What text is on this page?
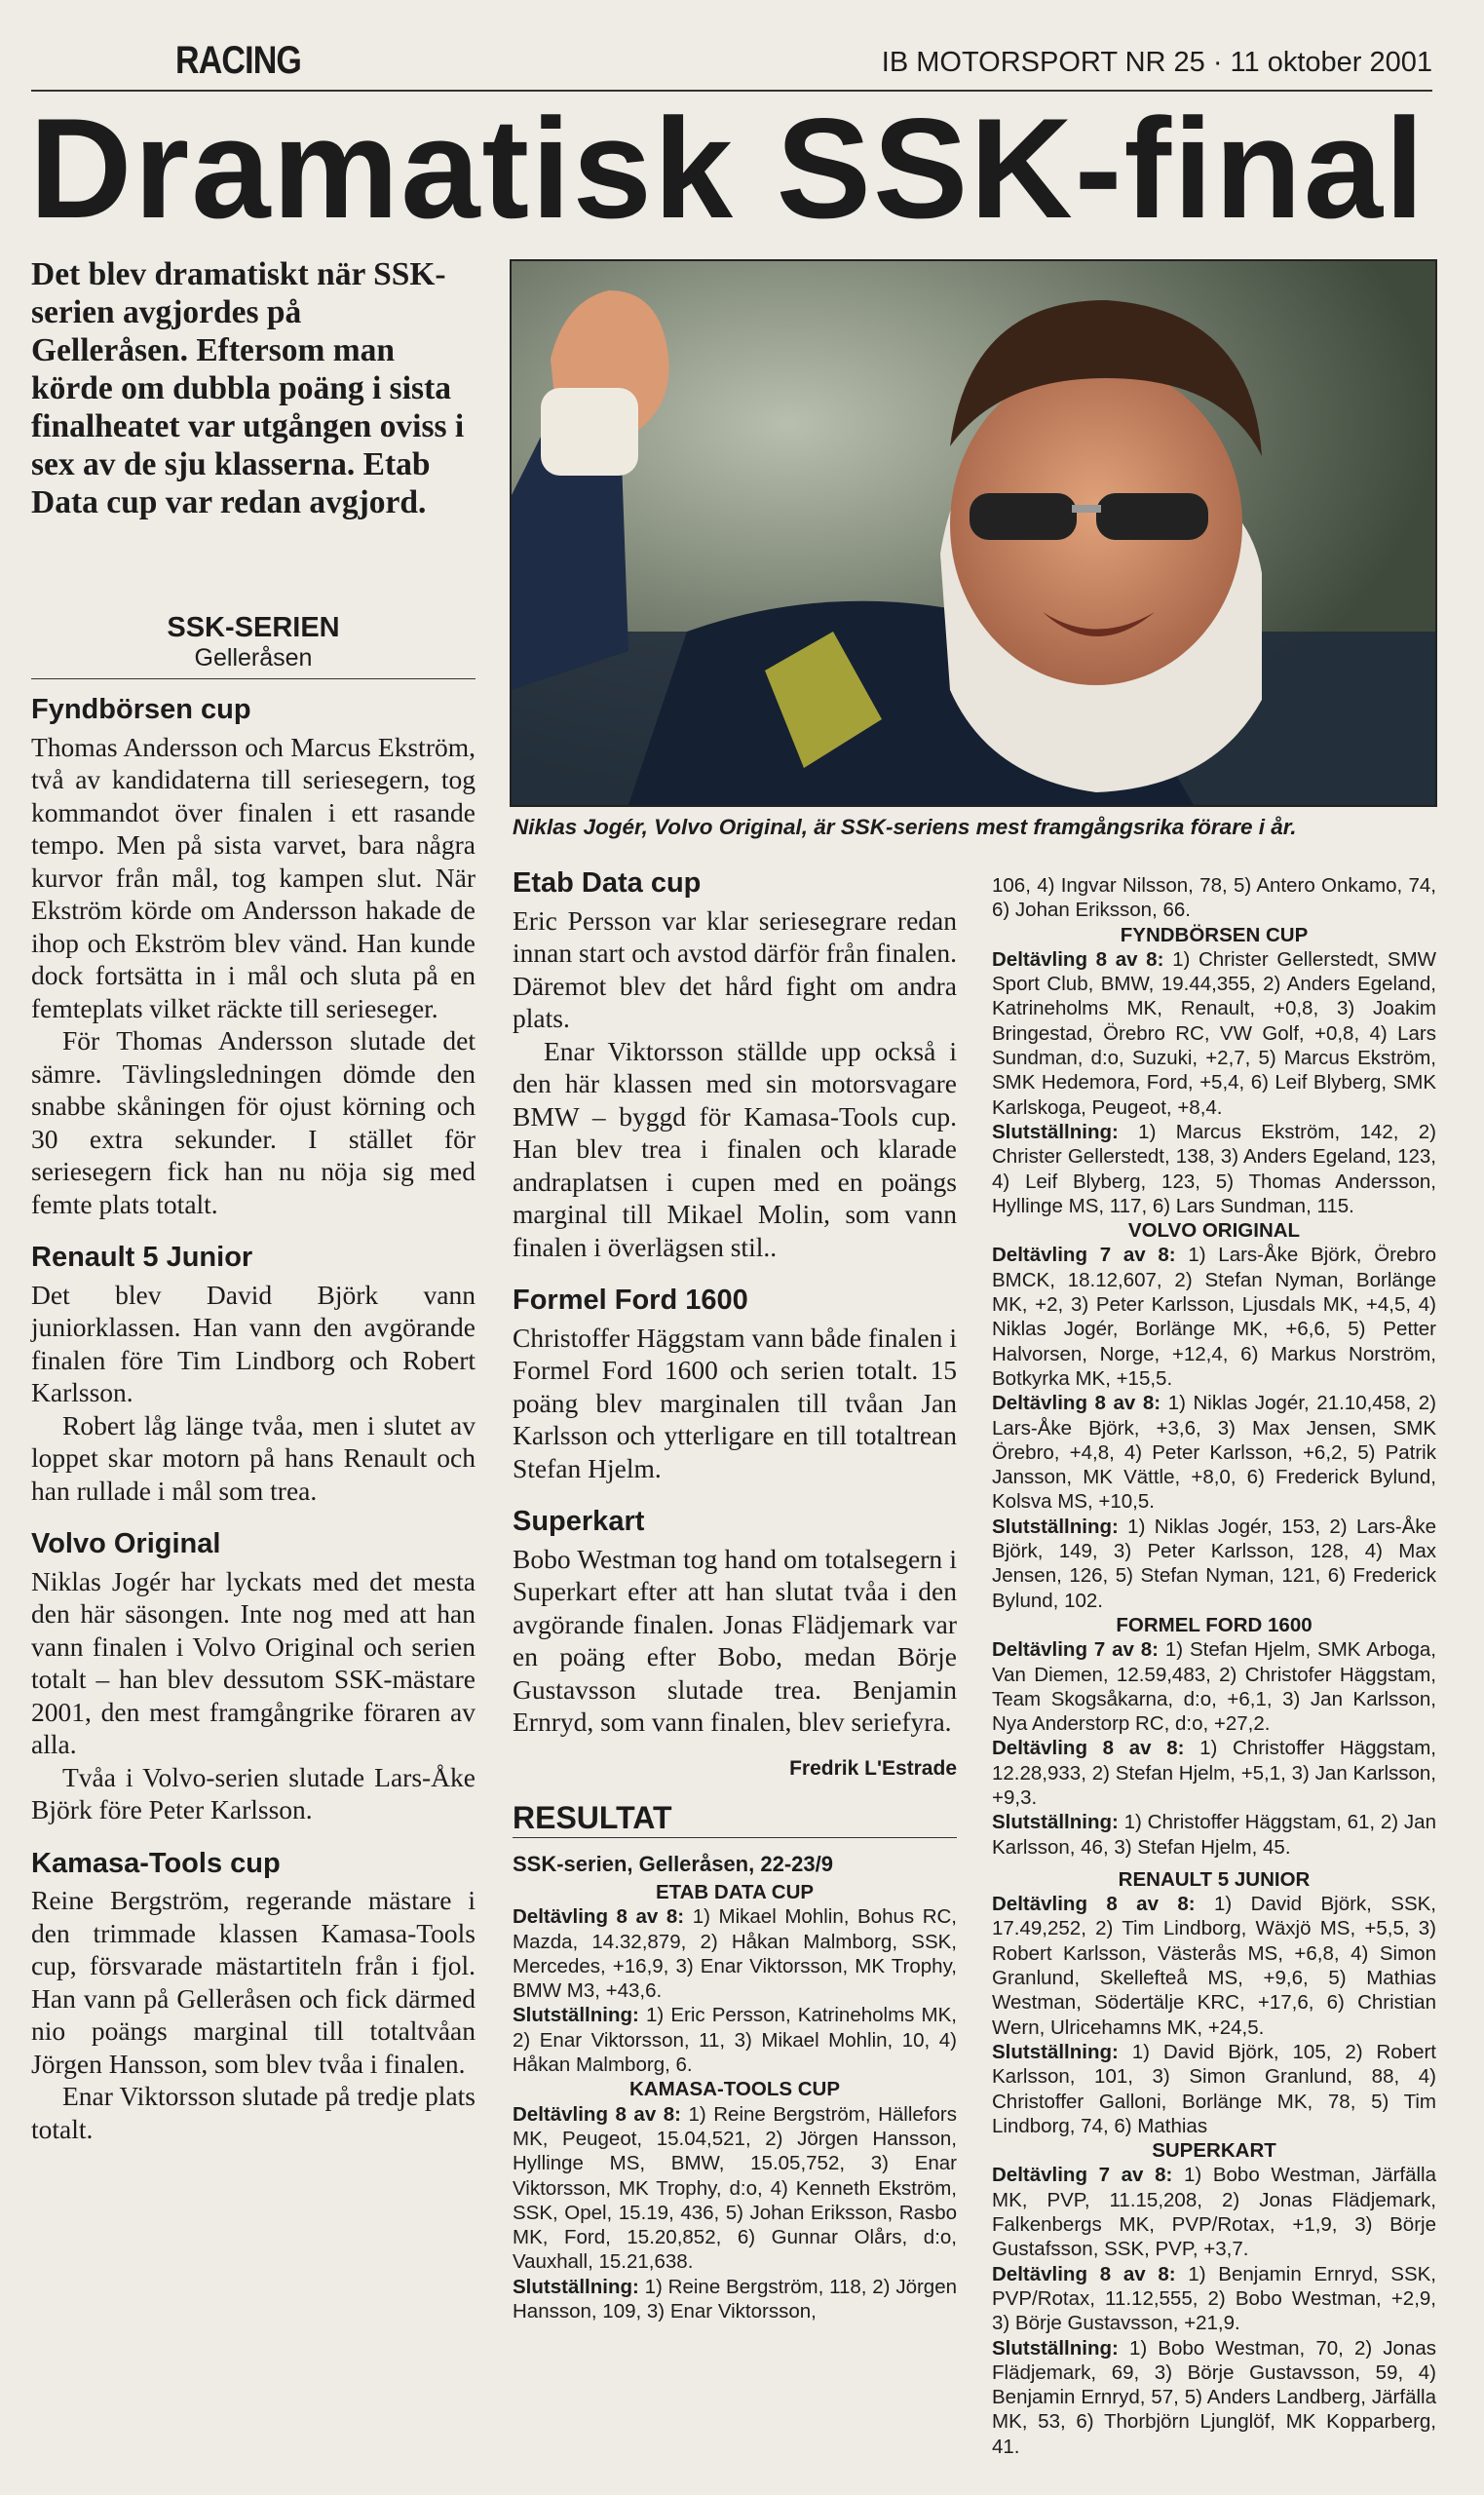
RACING	IB MOTORSPORT NR 25 · 11 oktober 2001
Dramatisk SSK-final
Det blev dramatiskt när SSK-serien avgjordes på Gelleråsen. Eftersom man körde om dubbla poäng i sista finalheatet var utgången oviss i sex av de sju klasserna. Etab Data cup var redan avgjord.
SSK-SERIEN
Gelleråsen
Fyndbörsen cup

Thomas Andersson och Marcus Ekström, två av kandidaterna till seriesegern, tog kommandot över finalen i ett rasande tempo. Men på sista varvet, bara några kurvor från mål, tog kampen slut. När Ekström körde om Andersson hakade de ihop och Ekström blev vänd. Han kunde dock fortsätta in i mål och sluta på en femteplats vilket räckte till serieseger.

För Thomas Andersson slutade det sämre. Tävlingsledningen dömde den snabbe skåningen för ojust körning och 30 extra sekunder. I stället för seriesegern fick han nu nöja sig med femte plats totalt.

Renault 5 Junior

Det blev David Björk vann juniorklassen. Han vann den avgörande finalen före Tim Lindborg och Robert Karlsson.

Robert låg länge tvåa, men i slutet av loppet skar motorn på hans Renault och han rullade i mål som trea.

Volvo Original

Niklas Jogér har lyckats med det mesta den här säsongen. Inte nog med att han vann finalen i Volvo Original och serien totalt – han blev dessutom SSK-mästare 2001, den mest framgångrike föraren av alla.

Tvåa i Volvo-serien slutade Lars-Åke Björk före Peter Karlsson.

Kamasa-Tools cup

Reine Bergström, regerande mästare i den trimmade klassen Kamasa-Tools cup, försvarade mästartiteln från i fjol. Han vann på Gelleråsen och fick därmed nio poängs marginal till totaltvåan Jörgen Hansson, som blev tvåa i finalen.

Enar Viktorsson slutade på tredje plats totalt.

Niklas Jogér, Volvo Original, är SSK-seriens mest framgångsrika förare i år.
Etab Data cup

Eric Persson var klar seriesegrare redan innan start och avstod därför från finalen. Däremot blev det hård fight om andra plats.

Enar Viktorsson ställde upp också i den här klassen med sin motorsvagare BMW – byggd för Kamasa-Tools cup. Han blev trea i finalen och klarade andraplatsen i cupen med en poängs marginal till Mikael Molin, som vann finalen i överlägsen stil..

Formel Ford 1600

Christoffer Häggstam vann både finalen i Formel Ford 1600 och serien totalt. 15 poäng blev marginalen till tvåan Jan Karlsson och ytterligare en till totaltrean Stefan Hjelm.

Superkart

Bobo Westman tog hand om totalsegern i Superkart efter att han slutat tvåa i den avgörande finalen. Jonas Flädjemark var en poäng efter Bobo, medan Börje Gustavsson slutade trea. Benjamin Ernryd, som vann finalen, blev seriefyra.

Fredrik L'Estrade
RESULTAT
SSK-serien, Gelleråsen, 22-23/9

ETAB DATA CUP

Deltävling 8 av 8: 1) Mikael Mohlin, Bohus RC, Mazda, 14.32,879, 2) Håkan Malmborg, SSK, Mercedes, +16,9, 3) Enar Viktorsson, MK Trophy, BMW M3, +43,6.

Slutställning: 1) Eric Persson, Katrineholms MK, 2) Enar Viktorsson, 11, 3) Mikael Mohlin, 10, 4) Håkan Malmborg, 6.

KAMASA-TOOLS CUP

Deltävling 8 av 8: 1) Reine Bergström, Hällefors MK, Peugeot, 15.04,521, 2) Jörgen Hansson, Hyllinge MS, BMW, 15.05,752, 3) Enar Viktorsson, MK Trophy, d:o, 4) Kenneth Ekström, SSK, Opel, 15.19, 436, 5) Johan Eriksson, Rasbo MK, Ford, 15.20,852, 6) Gunnar Olårs, d:o, Vauxhall, 15.21,638.

Slutställning: 1) Reine Bergström, 118, 2) Jörgen Hansson, 109, 3) Enar Viktorsson,

106, 4) Ingvar Nilsson, 78, 5) Antero Onkamo, 74, 6) Johan Eriksson, 66.

FYNDBÖRSEN CUP

Deltävling 8 av 8: 1) Christer Gellerstedt, SMW Sport Club, BMW, 19.44,355, 2) Anders Egeland, Katrineholms MK, Renault, +0,8, 3) Joakim Bringestad, Örebro RC, VW Golf, +0,8, 4) Lars Sundman, d:o, Suzuki, +2,7, 5) Marcus Ekström, SMK Hedemora, Ford, +5,4, 6) Leif Blyberg, SMK Karlskoga, Peugeot, +8,4.

Slutställning: 1) Marcus Ekström, 142, 2) Christer Gellerstedt, 138, 3) Anders Egeland, 123, 4) Leif Blyberg, 123, 5) Thomas Andersson, Hyllinge MS, 117, 6) Lars Sundman, 115.

VOLVO ORIGINAL

Deltävling 7 av 8: 1) Lars-Åke Björk, Örebro BMCK, 18.12,607, 2) Stefan Nyman, Borlänge MK, +2, 3) Peter Karlsson, Ljusdals MK, +4,5, 4) Niklas Jogér, Borlänge MK, +6,6, 5) Petter Halvorsen, Norge, +12,4, 6) Markus Norström, Botkyrka MK, +15,5.

Deltävling 8 av 8: 1) Niklas Jogér, 21.10,458, 2) Lars-Åke Björk, +3,6, 3) Max Jensen, SMK Örebro, +4,8, 4) Peter Karlsson, +6,2, 5) Patrik Jansson, MK Vättle, +8,0, 6) Frederick Bylund, Kolsva MS, +10,5.

Slutställning: 1) Niklas Jogér, 153, 2) Lars-Åke Björk, 149, 3) Peter Karlsson, 128, 4) Max Jensen, 126, 5) Stefan Nyman, 121, 6) Frederick Bylund, 102.

FORMEL FORD 1600

Deltävling 7 av 8: 1) Stefan Hjelm, SMK Arboga, Van Diemen, 12.59,483, 2) Christofer Häggstam, Team Skogsåkarna, d:o, +6,1, 3) Jan Karlsson, Nya Anderstorp RC, d:o, +27,2.

Deltävling 8 av 8: 1) Christoffer Häggstam, 12.28,933, 2) Stefan Hjelm, +5,1, 3) Jan Karlsson, +9,3.

Slutställning: 1) Christoffer Häggstam, 61, 2) Jan Karlsson, 46, 3) Stefan Hjelm, 45.

RENAULT 5 JUNIOR

Deltävling 8 av 8: 1) David Björk, SSK, 17.49,252, 2) Tim Lindborg, Wäxjö MS, +5,5, 3) Robert Karlsson, Västerås MS, +6,8, 4) Simon Granlund, Skellefteå MS, +9,6, 5) Mathias Westman, Södertälje KRC, +17,6, 6) Christian Wern, Ulricehamns MK, +24,5.

Slutställning: 1) David Björk, 105, 2) Robert Karlsson, 101, 3) Simon Granlund, 88, 4) Christoffer Galloni, Borlänge MK, 78, 5) Tim Lindborg, 74, 6) Mathias

SUPERKART

Deltävling 7 av 8: 1) Bobo Westman, Järfälla MK, PVP, 11.15,208, 2) Jonas Flädjemark, Falkenbergs MK, PVP/Rotax, +1,9, 3) Börje Gustafsson, SSK, PVP, +3,7.

Deltävling 8 av 8: 1) Benjamin Ernryd, SSK, PVP/Rotax, 11.12,555, 2) Bobo Westman, +2,9, 3) Börje Gustavsson, +21,9.

Slutställning: 1) Bobo Westman, 70, 2) Jonas Flädjemark, 69, 3) Börje Gustavsson, 59, 4) Benjamin Ernryd, 57, 5) Anders Landberg, Järfälla MK, 53, 6) Thorbjörn Ljunglöf, MK Kopparberg, 41.
